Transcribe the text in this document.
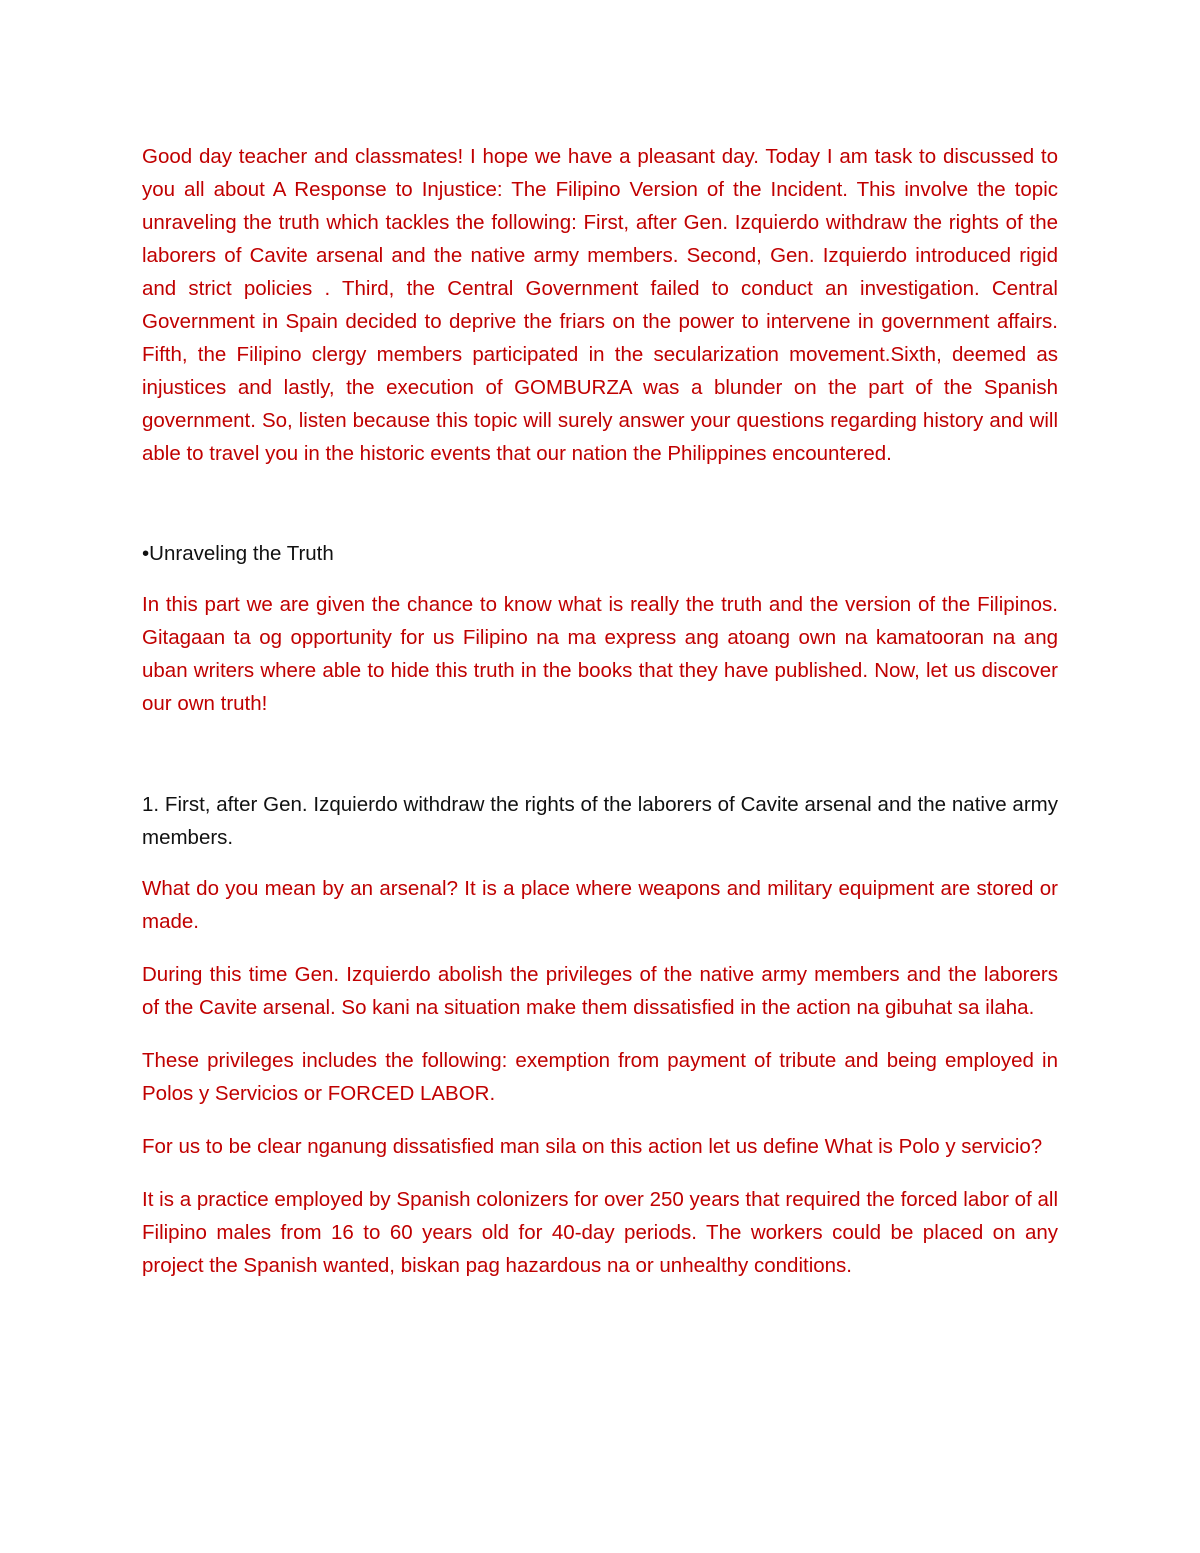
Good day teacher and classmates! I hope we have a pleasant day. Today I am task to discussed to you all about A Response to Injustice: The Filipino Version of the Incident. This involve the topic unraveling the truth which tackles the following: First, after Gen. Izquierdo withdraw the rights of the laborers of Cavite arsenal and the native army members. Second, Gen. Izquierdo introduced rigid and strict policies . Third, the Central Government failed to conduct an investigation. Central Government in Spain decided to deprive the friars on the power to intervene in government affairs. Fifth, the Filipino clergy members participated in the secularization movement.Sixth, deemed as injustices and lastly, the execution of GOMBURZA was a blunder on the part of the Spanish government. So, listen because this topic will surely answer your questions regarding history and will able to travel you in the historic events that our nation the Philippines encountered.

•Unraveling the Truth

In this part we are given the chance to know what is really the truth and the version of the Filipinos. Gitagaan ta og opportunity for us Filipino na ma express ang atoang own na kamatooran na ang uban writers where able to hide this truth in the books that they have published. Now, let us discover our own truth!

1. First, after Gen. Izquierdo withdraw the rights of the laborers of Cavite arsenal and the native army members.

What do you mean by an arsenal? It is a place where weapons and military equipment are stored or made.

During this time Gen. Izquierdo abolish the privileges of the native army members and the laborers of the Cavite arsenal. So kani na situation make them dissatisfied in the action na gibuhat sa ilaha.

These privileges includes the following: exemption from payment of tribute and being employed in Polos y Servicios or FORCED LABOR.

For us to be clear nganung dissatisfied man sila on this action let us define What is Polo y servicio?

It is a practice employed by Spanish colonizers for over 250 years that required the forced labor of all Filipino males from 16 to 60 years old for 40-day periods. The workers could be placed on any project the Spanish wanted, biskan pag hazardous na or unhealthy conditions.
